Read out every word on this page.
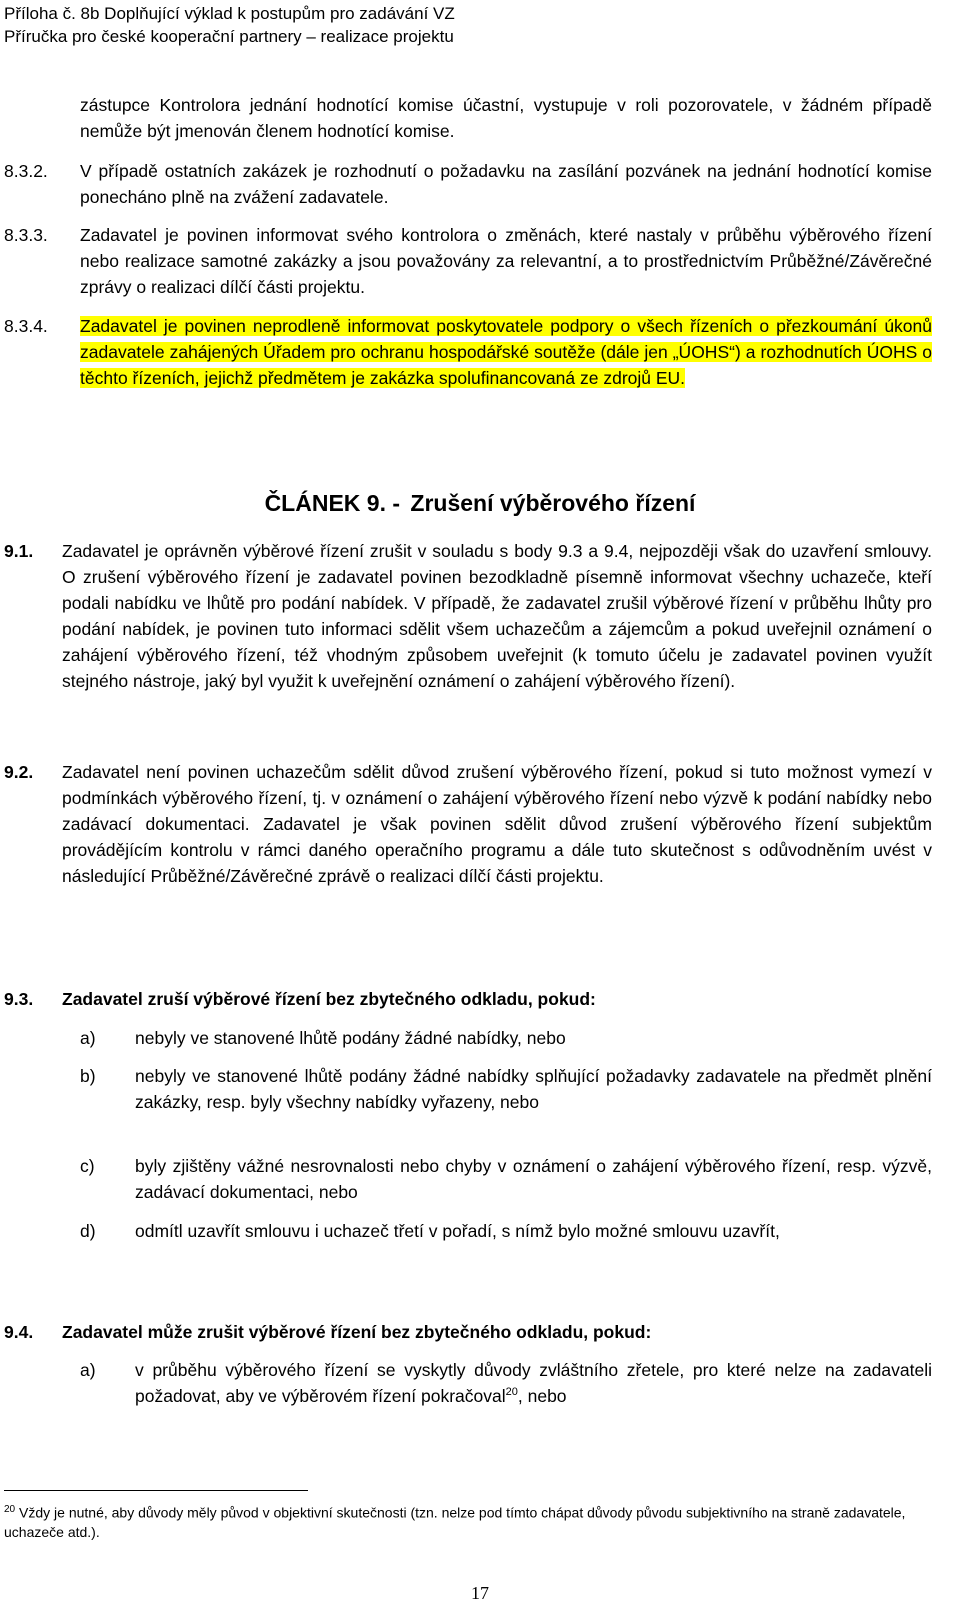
Příloha č. 8b Doplňující výklad k postupům pro zadávání VZ
Příručka pro české kooperační partnery – realizace projektu
zástupce Kontrolora jednání hodnotící komise účastní, vystupuje v roli pozorovatele, v žádném případě nemůže být jmenován členem hodnotící komise.
8.3.2. V případě ostatních zakázek je rozhodnutí o požadavku na zasílání pozvánek na jednání hodnotící komise ponecháno plně na zvážení zadavatele.
8.3.3. Zadavatel je povinen informovat svého kontrolora o změnách, které nastaly v průběhu výběrového řízení nebo realizace samotné zakázky a jsou považovány za relevantní, a to prostřednictvím Průběžné/Závěrečné zprávy o realizaci dílčí části projektu.
8.3.4. Zadavatel je povinen neprodleně informovat poskytovatele podpory o všech řízeních o přezkoumání úkonů zadavatele zahájených Úřadem pro ochranu hospodářské soutěže (dále jen „ÚOHS“) a rozhodnutích ÚOHS o těchto řízeních, jejichž předmětem je zakázka spolufinancovaná ze zdrojů EU.
ČLÁNEK 9. - Zrušení výběrového řízení
9.1. Zadavatel je oprávněn výběrové řízení zrušit v souladu s body 9.3 a 9.4, nejpozději však do uzavření smlouvy. O zrušení výběrového řízení je zadavatel povinen bezodkladně písemně informovat všechny uchazeče, kteří podali nabídku ve lhůtě pro podání nabídek. V případě, že zadavatel zrušil výběrové řízení v průběhu lhůty pro podání nabídek, je povinen tuto informaci sdělit všem uchazečům a zájemcům a pokud uveřejnil oznámení o zahájení výběrového řízení, též vhodným způsobem uveřejnit (k tomuto účelu je zadavatel povinen využít stejného nástroje, jaký byl využit k uveřejnění oznámení o zahájení výběrového řízení).
9.2. Zadavatel není povinen uchazečům sdělit důvod zrušení výběrového řízení, pokud si tuto možnost vymezí v podmínkách výběrového řízení, tj. v oznámení o zahájení výběrového řízení nebo výzvě k podání nabídky nebo zadávací dokumentaci. Zadavatel je však povinen sdělit důvod zrušení výběrového řízení subjektům provádějícím kontrolu v rámci daného operačního programu a dále tuto skutečnost s odůvodněním uvést v následující Průběžné/Závěrečné zprávě o realizaci dílčí části projektu.
9.3. Zadavatel zruší výběrové řízení bez zbytečného odkladu, pokud:
a) nebyly ve stanovené lhůtě podány žádné nabídky, nebo
b) nebyly ve stanovené lhůtě podány žádné nabídky splňující požadavky zadavatele na předmět plnění zakázky, resp. byly všechny nabídky vyřazeny, nebo
c) byly zjištěny vážné nesrovnalosti nebo chyby v oznámení o zahájení výběrového řízení, resp. výzvě, zadávací dokumentaci, nebo
d) odmítl uzavřít smlouvu i uchazeč třetí v pořadí, s nímž bylo možné smlouvu uzavřít,
9.4. Zadavatel může zrušit výběrové řízení bez zbytečného odkladu, pokud:
a) v průběhu výběrového řízení se vyskytly důvody zvláštního zřetele, pro které nelze na zadavateli požadovat, aby ve výběrovém řízení pokračoval$^{20}$, nebo
$^{20}$ Vždy je nutné, aby důvody měly původ v objektivní skutečnosti (tzn. nelze pod tímto chápat důvody původu subjektivního na straně zadavatele, uchazeče atd.).
17
